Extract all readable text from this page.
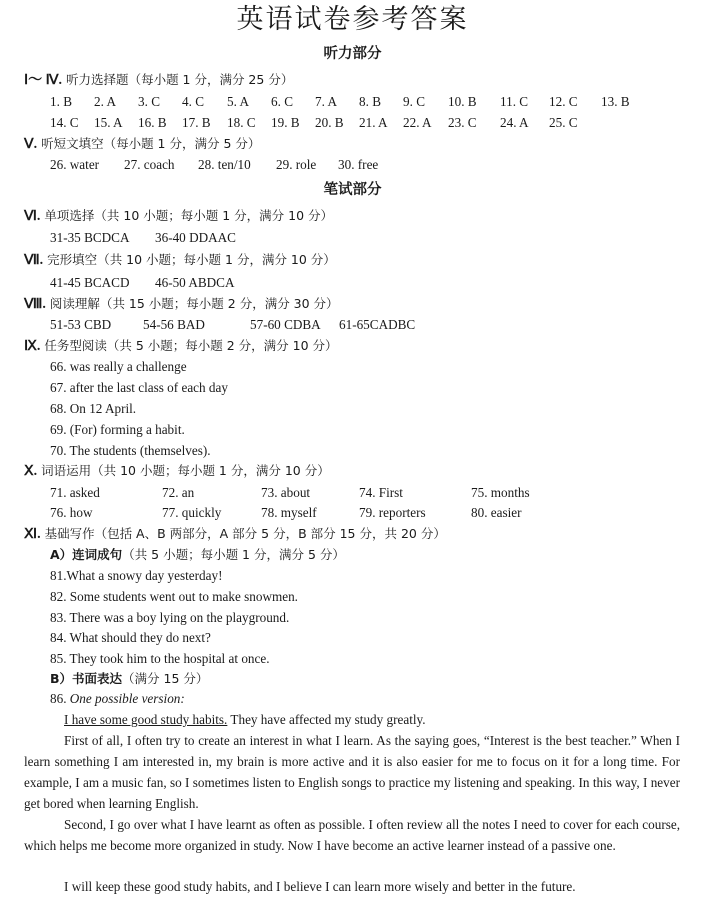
英语试卷参考答案
听力部分
Ⅰ～ Ⅳ. 听力选择题（每小题 1 分，满分 25 分）
1. B 2. A 3. C 4. C 5. A 6. C 7. A 8. B 9. C 10. B 11. C 12. C 13. B
14. C 15. A 16. B 17. B 18. C 19. B 20. B 21. A 22. A 23. C 24. A 25. C
Ⅴ. 听短文填空（每小题 1 分，满分 5 分）
26. water 27. coach 28. ten/10 29. role 30. free
笔试部分
Ⅵ. 单项选择（共 10 小题；每小题 1 分，满分 10 分）
31-35 BCDCA 36-40 DDAAC
Ⅶ. 完形填空（共 10 小题；每小题 1 分，满分 10 分）
41-45 BCACD 46-50 ABDCA
Ⅷ. 阅读理解（共 15 小题；每小题 2 分，满分 30 分）
51-53 CBD 54-56 BAD	57-60 CDBA 61-65CADBC
Ⅸ. 任务型阅读（共 5 小题；每小题 2 分，满分 10 分）
66. was really a challenge
67. after the last class of each day
68. On 12 April.
69. (For) forming a habit.
70. The students (themselves).
Ⅹ. 词语运用（共 10 小题；每小题 1 分，满分 10 分）
71. asked	72. an	73. about	74. First	75. months
76. how	77. quickly	78. myself	79. reporters	80. easier
Ⅺ. 基础写作（包括 A、B 两部分，A 部分 5 分，B 部分 15 分，共 20 分）
A）连词成句（共 5 小题；每小题 1 分，满分 5 分）
81.What a snowy day yesterday!
82. Some students went out to make snowmen.
83. There was a boy lying on the playground.
84. What should they do next?
85. They took him to the hospital at once.
B）书面表达（满分 15 分）
86. One possible version:
I have some good study habits. They have affected my study greatly.
First of all, I often try to create an interest in what I learn. As the saying goes, “Interest is the best teacher.” When I learn something I am interested in, my brain is more active and it is also easier for me to focus on it for a long time. For example, I am a music fan, so I sometimes listen to English songs to practice my listening and speaking. In this way, I never get bored when learning English.
Second, I go over what I have learnt as often as possible. I often review all the notes I need to cover for each course, which helps me become more organized in study. Now I have become an active learner instead of a passive one.
I will keep these good study habits, and I believe I can learn more wisely and better in the future.
